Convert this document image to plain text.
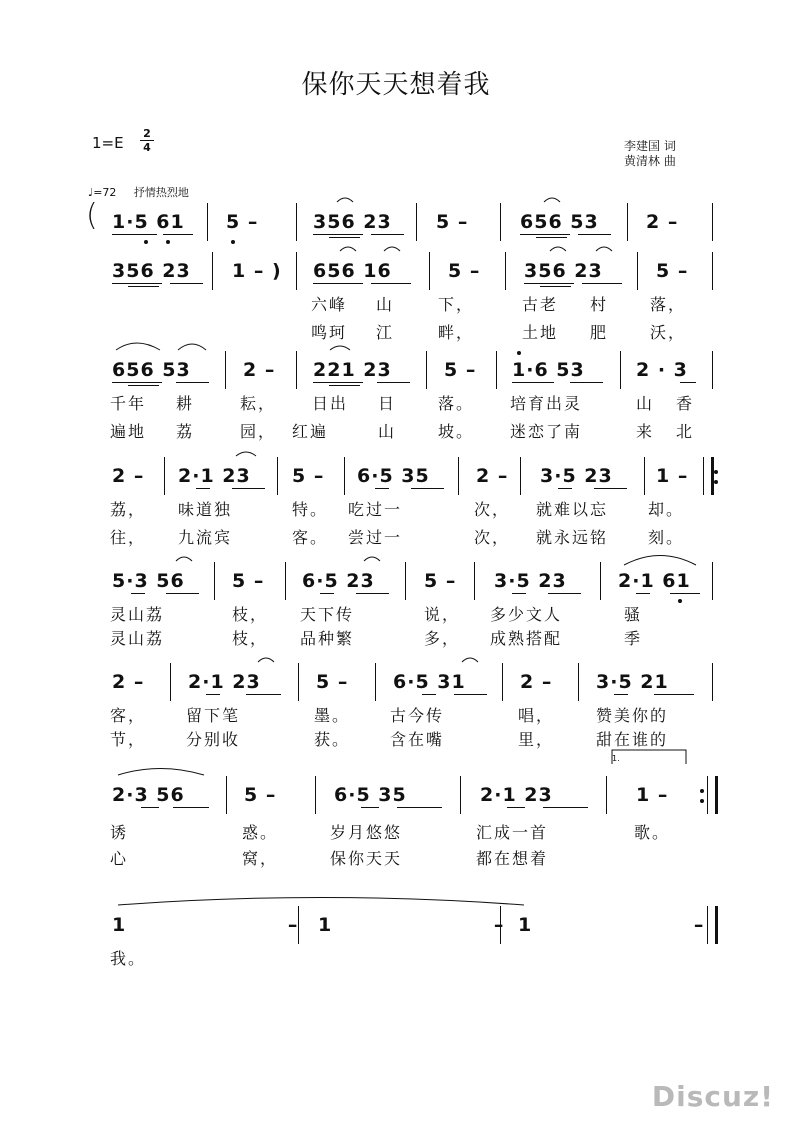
保你天天想着我
1=E
2
4	李建国 词
黄清林 曲
♩=72 抒情热烈地
( 1·5 61 5 –	356 23 5 –	656 53 2 –
356 23 1 – ) 656 16	5 – 356 23	5 –
六峰 山	下，	古老 村	落，
鸣珂 江	畔，	土地 肥	沃，
656 53	2 – 221 23	5 – 1·6 53	2 · 3
千年 耕	耘， 日出 日	落。 培育出灵	山 香
遍地 荔	园， 红遍	山	坡。 迷恋了南	来 北
2 – 2·1 23 5 – 6·5 35 2 – 3·5 23 1 –
荔， 味道独	特。 吃过一	次， 就难以忘 却。
往， 九流宾	客。 尝过一	次， 就永远铭 刻。
5·3 56 5 – 6·5 23	5 – 3·5 23	2·1 61
灵山荔	枝， 天下传	说， 多少文人	骚
灵山荔	枝， 品种繁	多， 成熟搭配	季
2 – 2·1 23	5 – 6·5 31	2 – 3·5 21
客， 留下笔	墨。 古今传	唱，	赞美你的
节， 分别收	获。 含在嘴	里，	甜在谁的
2·3 56	5 –	6·5 35	2·1 23	1 –
诱	惑。	岁月悠悠	汇成一首	歌。
心	窝，	保你天天	都在想着
1.
1 –
1 –
1 –
我。
Discuz!
